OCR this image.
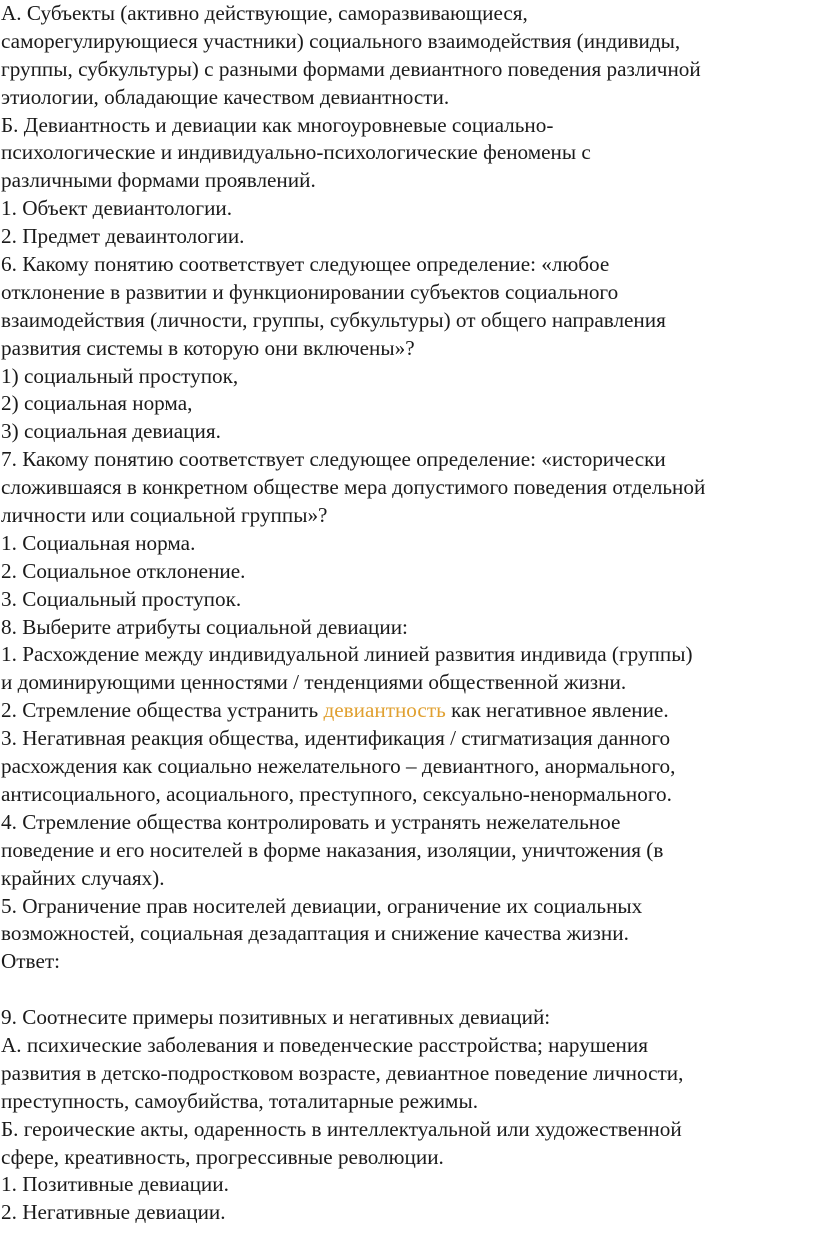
А. Субъекты (активно действующие, саморазвивающиеся,
саморегулирующиеся участники) социального взаимодействия (индивиды,
группы, субкультуры) с разными формами девиантного поведения различной
этиологии, обладающие качеством девиантности.
Б. Девиантность и девиации как многоуровневые социально-
психологические и индивидуально-психологические феномены с
различными формами проявлений.
1. Объект девиантологии.
2. Предмет деваинтологии.
6. Какому понятию соответствует следующее определение: «любое
отклонение в развитии и функционировании субъектов социального
взаимодействия (личности, группы, субкультуры) от общего направления
развития системы в которую они включены»?
1) социальный проступок,
2) социальная норма,
3) социальная девиация.
7. Какому понятию соответствует следующее определение: «исторически
сложившаяся в конкретном обществе мера допустимого поведения отдельной
личности или социальной группы»?
1. Социальная норма.
2. Социальное отклонение.
3. Социальный проступок.
8. Выберите атрибуты социальной девиации:
1. Расхождение между индивидуальной линией развития индивида (группы)
и доминирующими ценностями / тенденциями общественной жизни.
2. Стремление общества устранить девиантность как негативное явление.
3. Негативная реакция общества, идентификация / стигматизация данного
расхождения как социально нежелательного – девиантного, анормального,
антисоциального, асоциального, преступного, сексуально-ненормального.
4. Стремление общества контролировать и устранять нежелательное
поведение и его носителей в форме наказания, изоляции, уничтожения (в
крайних случаях).
5. Ограничение прав носителей девиации, ограничение их социальных
возможностей, социальная дезадаптация и снижение качества жизни.
Ответ:
9. Соотнесите примеры позитивных и негативных девиаций:
А. психические заболевания и поведенческие расстройства; нарушения
развития в детско-подростковом возрасте, девиантное поведение личности,
преступность, самоубийства, тоталитарные режимы.
Б. героические акты, одаренность в интеллектуальной или художественной
сфере, креативность, прогрессивные революции.
1. Позитивные девиации.
2. Негативные девиации.
